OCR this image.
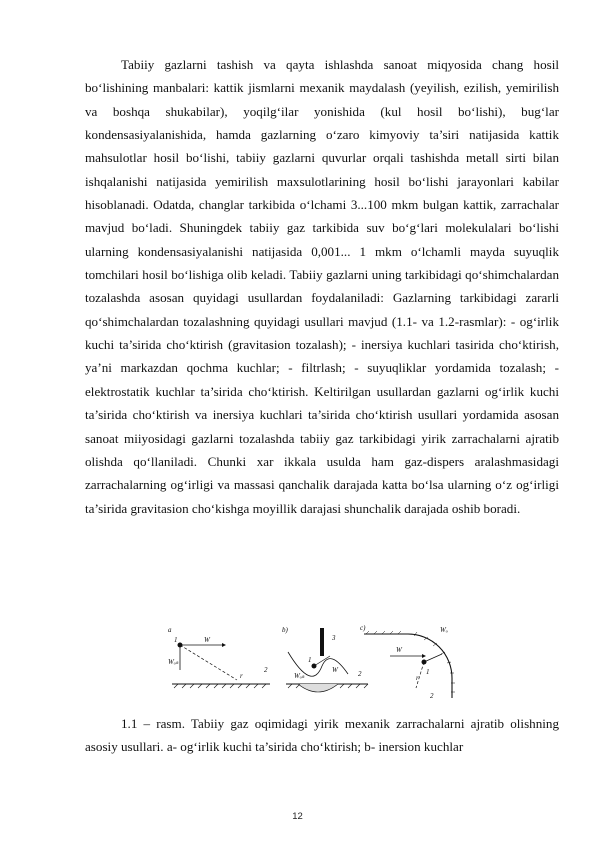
Tabiiy gazlarni tashish va qayta ishlashda sanoat miqyosida chang hosil bo‘lishining manbalari: kattik jismlarni mexanik maydalash (yeyilish, ezilish, yemirilish va boshqa shukabilar), yoqilg‘ilar yonishida (kul hosil bo‘lishi), bug‘lar kondensasiyalanishida, hamda gazlarning o‘zaro kimyoviy ta’siri natijasida kattik mahsulotlar hosil bo‘lishi, tabiiy gazlarni quvurlar orqali tashishda metall sirti bilan ishqalanishi natijasida yemirilish maxsulotlarining hosil bo‘lishi jarayonlari kabilar hisoblanadi. Odatda, changlar tarkibida o‘lchami 3...100 mkm bulgan kattik, zarrachalar mavjud bo‘ladi. Shuningdek tabiiy gaz tarkibida suv bo‘g‘lari molekulalari bo‘lishi ularning kondensasiyalanishi natijasida 0,001... 1 mkm o‘lchamli mayda suyuqlik tomchilari hosil bo‘lishiga olib keladi. Tabiiy gazlarni uning tarkibidagi qo‘shimchalardan tozalashda asosan quyidagi usullardan foydalaniladi: Gazlarning tarkibidagi zararli qo‘shimchalardan tozalashning quyidagi usullari mavjud (1.1- va 1.2-rasmlar): - og‘irlik kuchi ta’sirida cho‘ktirish (gravitasion tozalash); - inersiya kuchlari tasirida cho‘ktirish, ya’ni markazdan qochma kuchlar; - filtrlash; - suyuqliklar yordamida tozalash; - elektrostatik kuchlar ta’sirida cho‘ktirish. Keltirilgan usullardan gazlarni og‘irlik kuchi ta’sirida cho‘ktirish va inersiya kuchlari ta’sirida cho‘ktirish usullari yordamida asosan sanoat miiyosidagi gazlarni tozalashda tabiiy gaz tarkibidagi yirik zarrachalarni ajratib olishda qo‘llaniladi. Chunki xar ikkala usulda ham gaz-dispers aralashmasidagi zarrachalarning og‘irligi va massasi qanchalik darajada katta bo‘lsa ularning o‘z og‘irligi ta’sirida gravitasion cho‘kishga moyillik darajasi shunchalik darajada oshib boradi.

a
W
Wₒₖ
1
r
2
b)
3
1
Wₒₖ
W	2
c)	Wₒ
W
1
r
2

1.1 – rasm. Tabiiy gaz oqimidagi yirik mexanik zarrachalarni ajratib olishning asosiy usullari. a- og‘irlik kuchi ta’sirida cho‘ktirish; b- inersion kuchlar

12
